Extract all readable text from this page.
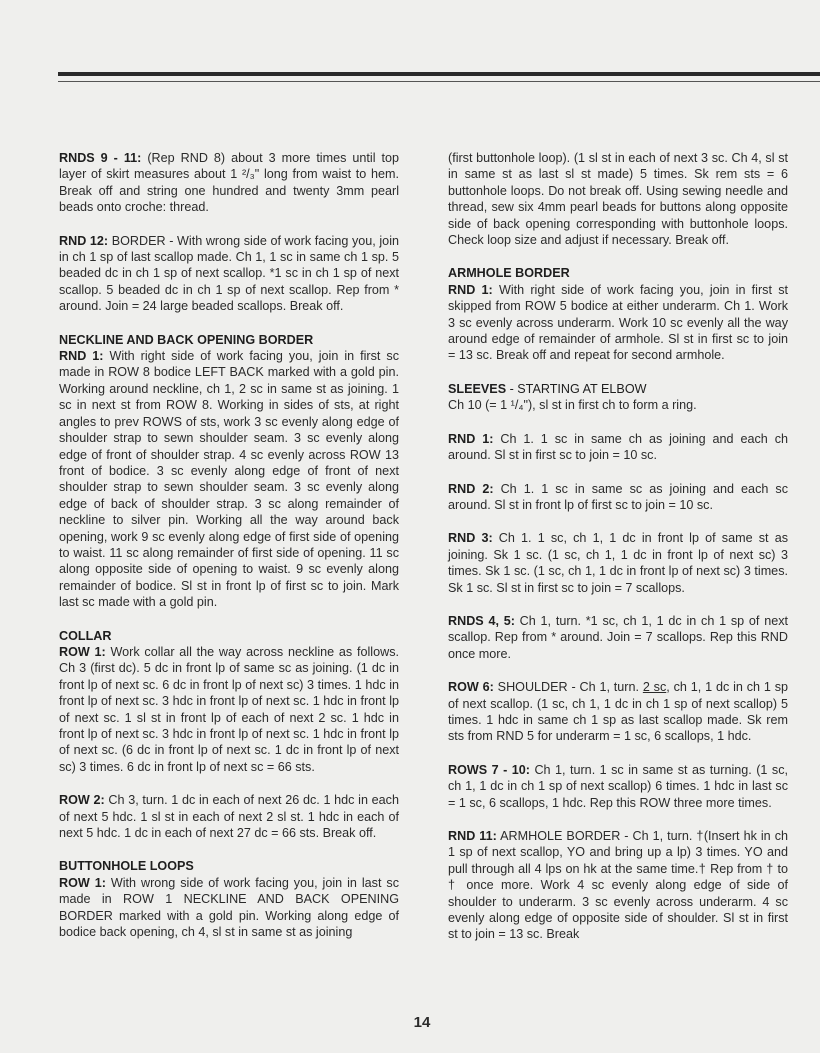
RNDS 9 - 11: (Rep RND 8) about 3 more times until top layer of skirt measures about 1 ²/₃" long from waist to hem. Break off and string one hundred and twenty 3mm pearl beads onto croche: thread.

RND 12: BORDER - With wrong side of work facing you, join in ch 1 sp of last scallop made. Ch 1, 1 sc in same ch 1 sp. 5 beaded dc in ch 1 sp of next scallop. *1 sc in ch 1 sp of next scallop. 5 beaded dc in ch 1 sp of next scallop. Rep from * around. Join = 24 large beaded scallops. Break off.

NECKLINE AND BACK OPENING BORDER

RND 1: With right side of work facing you, join in first sc made in ROW 8 bodice LEFT BACK marked with a gold pin. Working around neckline, ch 1, 2 sc in same st as joining. 1 sc in next st from ROW 8. Working in sides of sts, at right angles to prev ROWS of sts, work 3 sc evenly along edge of shoulder strap to sewn shoulder seam. 3 sc evenly along edge of front of shoulder strap. 4 sc evenly across ROW 13 front of bodice. 3 sc evenly along edge of front of next shoulder strap to sewn shoulder seam. 3 sc evenly along edge of back of shoulder strap. 3 sc along remainder of neckline to silver pin. Working all the way around back opening, work 9 sc evenly along edge of first side of opening to waist. 11 sc along remainder of first side of opening. 11 sc along opposite side of opening to waist. 9 sc evenly along remainder of bodice. Sl st in front lp of first sc to join. Mark last sc made with a gold pin.

COLLAR

ROW 1: Work collar all the way across neckline as follows. Ch 3 (first dc). 5 dc in front lp of same sc as joining. (1 dc in front lp of next sc. 6 dc in front lp of next sc) 3 times. 1 hdc in front lp of next sc. 3 hdc in front lp of next sc. 1 hdc in front lp of next sc. 1 sl st in front lp of each of next 2 sc. 1 hdc in front lp of next sc. 3 hdc in front lp of next sc. 1 hdc in front lp of next sc. (6 dc in front lp of next sc. 1 dc in front lp of next sc) 3 times. 6 dc in front lp of next sc = 66 sts.

ROW 2: Ch 3, turn. 1 dc in each of next 26 dc. 1 hdc in each of next 5 hdc. 1 sl st in each of next 2 sl st. 1 hdc in each of next 5 hdc. 1 dc in each of next 27 dc = 66 sts. Break off.

BUTTONHOLE LOOPS

ROW 1: With wrong side of work facing you, join in last sc made in ROW 1 NECKLINE AND BACK OPENING BORDER marked with a gold pin. Working along edge of bodice back opening, ch 4, sl st in same st as joining

(first buttonhole loop). (1 sl st in each of next 3 sc. Ch 4, sl st in same st as last sl st made) 5 times. Sk rem sts = 6 buttonhole loops. Do not break off. Using sewing needle and thread, sew six 4mm pearl beads for buttons along opposite side of back opening corresponding with buttonhole loops. Check loop size and adjust if necessary. Break off.

ARMHOLE BORDER

RND 1: With right side of work facing you, join in first st skipped from ROW 5 bodice at either underarm. Ch 1. Work 3 sc evenly across underarm. Work 10 sc evenly all the way around edge of remainder of armhole. Sl st in first sc to join = 13 sc. Break off and repeat for second armhole.

SLEEVES - STARTING AT ELBOW

Ch 10 (= 1 ¹/₄"), sl st in first ch to form a ring.

RND 1: Ch 1. 1 sc in same ch as joining and each ch around. Sl st in first sc to join = 10 sc.

RND 2: Ch 1. 1 sc in same sc as joining and each sc around. Sl st in front lp of first sc to join = 10 sc.

RND 3: Ch 1. 1 sc, ch 1, 1 dc in front lp of same st as joining. Sk 1 sc. (1 sc, ch 1, 1 dc in front lp of next sc) 3 times. Sk 1 sc. (1 sc, ch 1, 1 dc in front lp of next sc) 3 times. Sk 1 sc. Sl st in first sc to join = 7 scallops.

RNDS 4, 5: Ch 1, turn. *1 sc, ch 1, 1 dc in ch 1 sp of next scallop. Rep from * around. Join = 7 scallops. Rep this RND once more.

ROW 6: SHOULDER - Ch 1, turn. 2 sc, ch 1, 1 dc in ch 1 sp of next scallop. (1 sc, ch 1, 1 dc in ch 1 sp of next scallop) 5 times. 1 hdc in same ch 1 sp as last scallop made. Sk rem sts from RND 5 for underarm = 1 sc, 6 scallops, 1 hdc.

ROWS 7 - 10: Ch 1, turn. 1 sc in same st as turning. (1 sc, ch 1, 1 dc in ch 1 sp of next scallop) 6 times. 1 hdc in last sc = 1 sc, 6 scallops, 1 hdc. Rep this ROW three more times.

RND 11: ARMHOLE BORDER - Ch 1, turn. †(Insert hk in ch 1 sp of next scallop, YO and bring up a lp) 3 times. YO and pull through all 4 lps on hk at the same time.† Rep from † to † once more. Work 4 sc evenly along edge of side of shoulder to underarm. 3 sc evenly across underarm. 4 sc evenly along edge of opposite side of shoulder. Sl st in first st to join = 13 sc. Break

14
